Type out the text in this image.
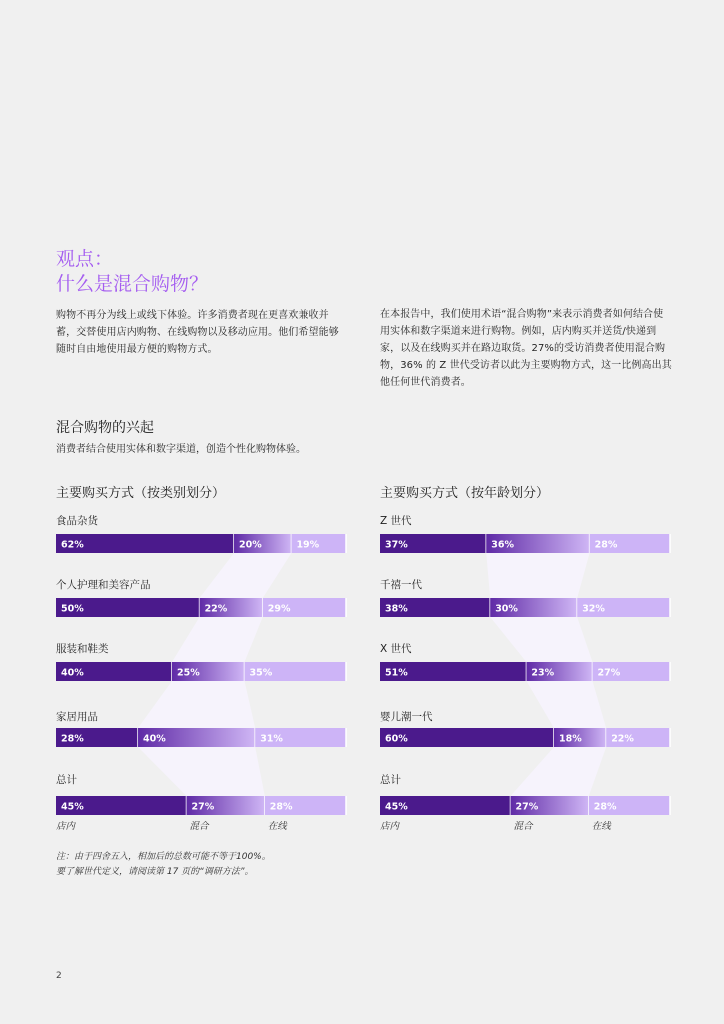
观点：
什么是混合购物？
购物不再分为线上或线下体验。许多消费者现在更喜欢兼收并蓄，交替使用店内购物、在线购物以及移动应用。他们希望能够随时自由地使用最方便的购物方式。
在本报告中，我们使用术语“混合购物”来表示消费者如何结合使用实体和数字渠道来进行购物。例如，店内购买并送货/快递到家，以及在线购买并在路边取货。27%的受访消费者使用混合购物，36% 的 Z 世代受访者以此为主要购物方式，这一比例高出其他任何世代消费者。
混合购物的兴起
消费者结合使用实体和数字渠道，创造个性化购物体验。
主要购买方式（按类别划分）	主要购买方式（按年龄划分）
食品杂货
62%	20%	19%
个人护理和美容产品
50%	22%	29%
服装和鞋类
40%	25%	35%
家居用品
28%	40%	31%
总计
45%	27%	28%
店内	混合	在线
Z 世代
37%	36%	28%
千禧一代
38%	30%	32%
X 世代
51%	23%	27%
婴儿潮一代
60%	18%	22%
总计
45%	27%	28%
店内	混合	在线
注：由于四舍五入，相加后的总数可能不等于100%。
要了解世代定义，请阅读第 17 页的“调研方法”。
2
